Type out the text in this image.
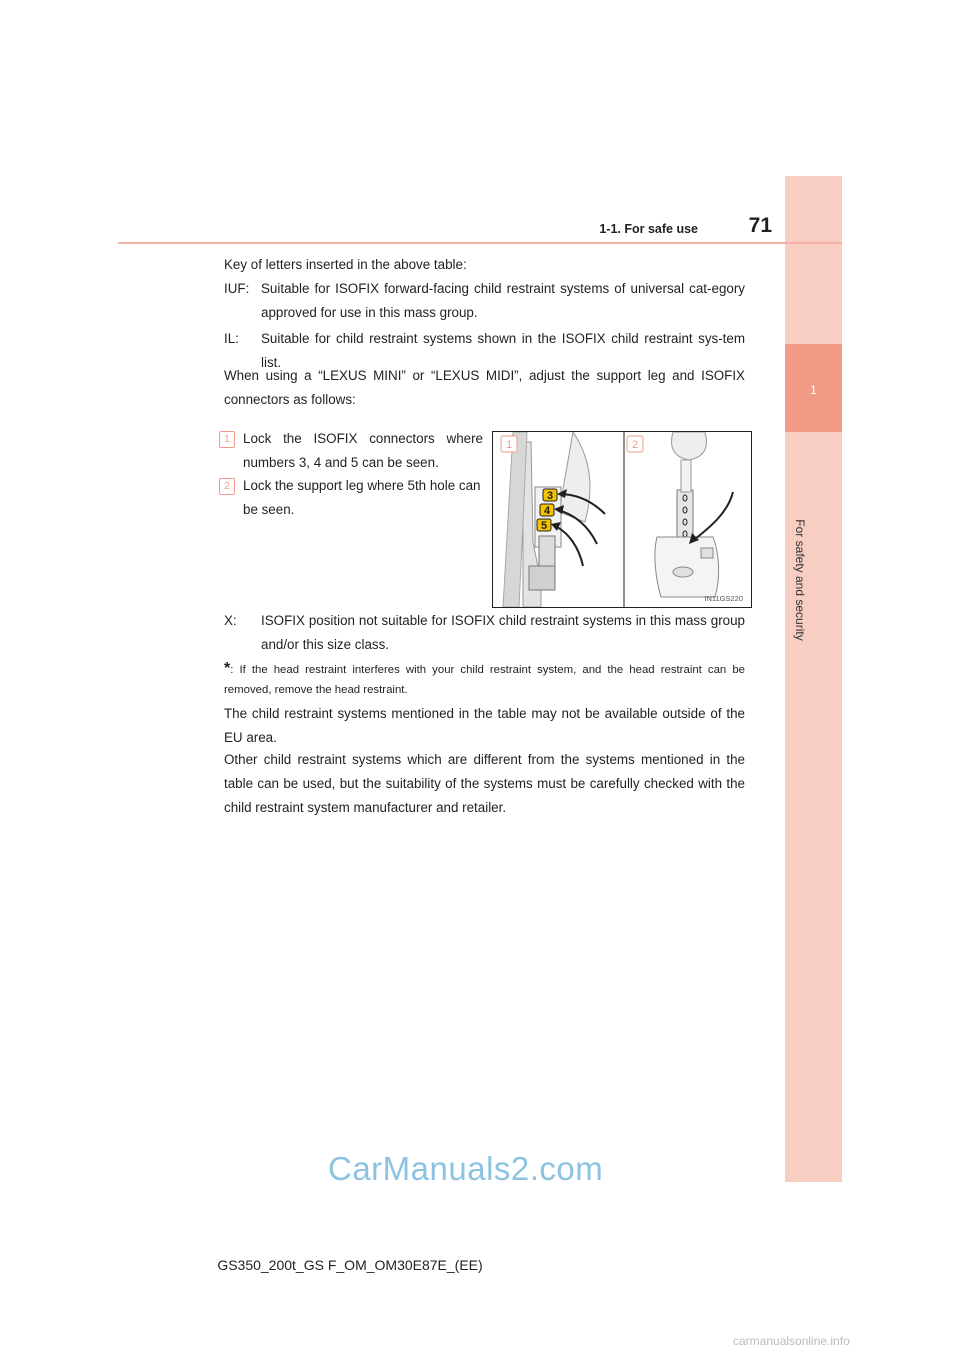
1
For safety and security
1-1. For safe use	71
Key of letters inserted in the above table:
IUF: Suitable for ISOFIX forward-facing child restraint systems of universal cat-egory approved for use in this mass group.
IL: Suitable for child restraint systems shown in the ISOFIX child restraint sys-tem list.
When using a “LEXUS MINI” or “LEXUS MIDI”, adjust the support leg and ISOFIX connectors as follows:
1 Lock the ISOFIX connectors where numbers 3, 4 and 5 can be seen.
2 Lock the support leg where 5th hole can be seen.
3
4
5
1	2
IN11GS220
X: ISOFIX position not suitable for ISOFIX child restraint systems in this mass group and/or this size class.
*: If the head restraint interferes with your child restraint system, and the head restraint can be removed, remove the head restraint.
The child restraint systems mentioned in the table may not be available outside of the EU area.
Other child restraint systems which are different from the systems mentioned in the table can be used, but the suitability of the systems must be carefully checked with the child restraint system manufacturer and retailer.
CarManuals2.com
GS350_200t_GS F_OM_OM30E87E_(EE)
carmanualsonline.info
